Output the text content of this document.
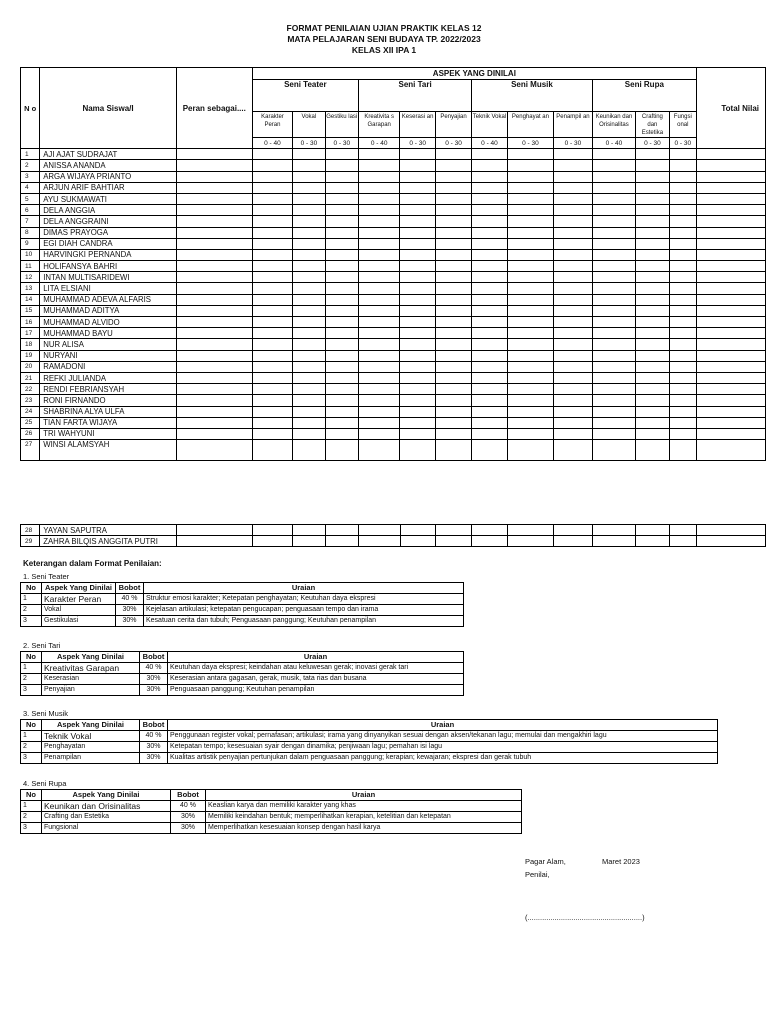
FORMAT PENILAIAN UJIAN PRAKTIK KELAS 12
MATA PELAJARAN SENI BUDAYA TP. 2022/2023
KELAS XII IPA 1
N o	Nama Siswa/I	Peran sebagai....	ASPEK YANG DINILAI												Total Nilai
			Seni Teater			Seni Tari			Seni Musik			Seni Rupa			
			Karakter Peran	Vokal	Gestiku lasi	Kreativita s Garapan	Keserasi an	Penyajian	Teknik Vokal	Penghayat an	Penampil an	Keunikan dan Orisinalitas	Crafting dan Estetika	Fungsi onal	
			0 - 40	0 - 30	0 - 30	0 - 40	0 - 30	0 - 30	0 - 40	0 - 30	0 - 30	0 - 40	0 - 30	0 - 30	
1	AJI AJAT SUDRAJAT														
2	ANISSA ANANDA														
3	ARGA WIJAYA PRIANTO														
4	ARJUN ARIF BAHTIAR														
5	AYU SUKMAWATI														
6	DELA ANGGIA														
7	DELA ANGGRAINI														
8	DIMAS PRAYOGA														
9	EGI DIAH CANDRA														
10	HARVINGKI PERNANDA														
11	HOLIFANSYA BAHRI														
12	INTAN MULTISARIDEWI														
13	LITA ELSIANI														
14	MUHAMMAD ADEVA ALFARIS														
15	MUHAMMAD ADITYA														
16	MUHAMMAD ALVIDO														
17	MUHAMMAD BAYU														
18	NUR ALISA														
19	NURYANI														
20	RAMADONI														
21	REFKI JULIANDA														
22	RENDI FEBRIANSYAH														
23	RONI FIRNANDO														
24	SHABRINA ALYA ULFA														
25	TIAN FARTA WIJAYA														
26	TRI WAHYUNI														
27	WINSI ALAMSYAH														
28	YAYAN SAPUTRA														
29	ZAHRA BILQIS ANGGITA PUTRI														
Keterangan dalam Format Penilaian:
1. Seni Teater
No	Aspek Yang Dinilai	Bobot	Uraian
1	Karakter Peran	40 %	Struktur emosi karakter; Ketepatan penghayatan; Keutuhan daya ekspresi
2	Vokal	30%	Kejelasan artikulasi; ketepatan pengucapan; penguasaan tempo dan irama
3	Gestikulasi	30%	Kesatuan cerita dan tubuh; Penguasaan panggung; Keutuhan penampilan
2. Seni Tari
No	Aspek Yang Dinilai	Bobot	Uraian
1	Kreativitas Garapan	40 %	Keutuhan daya ekspresi; keindahan atau keluwesan gerak; inovasi gerak tari
2	Keserasian	30%	Keserasian antara gagasan, gerak, musik, tata rias dan busana
3	Penyajian	30%	Penguasaan panggung; Keutuhan penampilan
3. Seni Musik
No	Aspek Yang Dinilai	Bobot	Uraian
1	Teknik Vokal	40 %	Penggunaan register vokal; pernafasan; artikulasi; irama yang dinyanyikan sesuai dengan aksen/tekanan lagu; memulai dan mengakhiri lagu
2	Penghayatan	30%	Ketepatan tempo; kesesuaian syair dengan dinamika; penjiwaan lagu; pemahan isi lagu
3	Penampilan	30%	Kualitas artistik penyajian pertunjukan dalam penguasaan panggung; kerapian; kewajaran; ekspresi dan gerak tubuh
4. Seni Rupa
No	Aspek Yang Dinilai	Bobot	Uraian
1	Keunikan dan Orisinalitas	40 %	Keaslian karya dan memiliki karakter yang khas
2	Crafting dan Estetika	30%	Memiliki keindahan bentuk; memperlihatkan kerapian, ketelitian dan ketepatan
3	Fungsional	30%	Memperlihatkan kesesuaian konsep dengan hasil karya
Pagar Alam,	Maret 2023
Penilai,
(.......................................................)
